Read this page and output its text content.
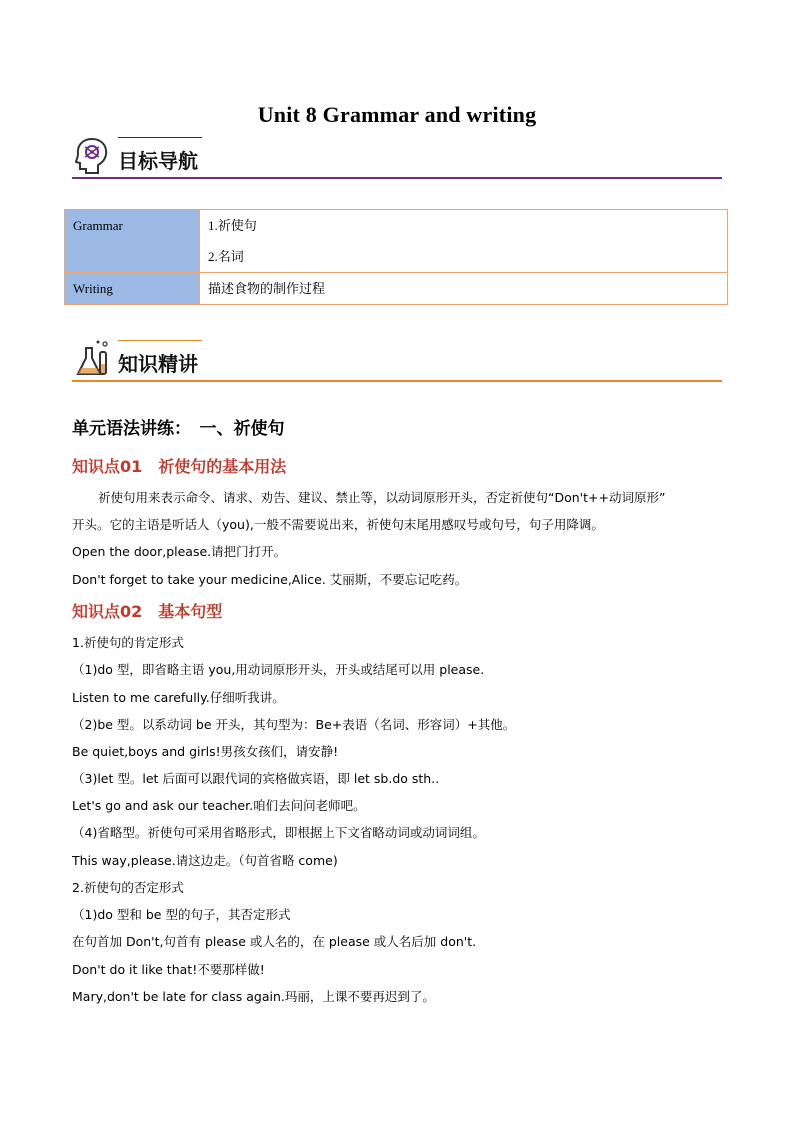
Unit 8 Grammar and writing
目标导航
Grammar	1.祈使句
2.名词

Writing	描述食物的制作过程
知识精讲
单元语法讲练：　一、祈使句
知识点01　祈使句的基本用法
祈使句用来表示命令、请求、劝告、建议、禁止等，以动词原形开头，否定祈使句“Don't++动词原形”
开头。它的主语是听话人（you),一般不需要说出来，祈使句末尾用感叹号或句号，句子用降调。
Open the door,please.请把门打开。
Don't forget to take your medicine,Alice. 艾丽斯，不要忘记吃药。
知识点02　基本句型
1.祈使句的肯定形式
（1)do 型，即省略主语 you,用动词原形开头，开头或结尾可以用 please.
Listen to me carefully.仔细听我讲。
（2)be 型。以系动词 be 开头，其句型为：Be+表语（名词、形容词）+其他。
Be quiet,boys and girls!男孩女孩们，请安静!
（3)let 型。let 后面可以跟代词的宾格做宾语，即 let sb.do sth..
Let's go and ask our teacher.咱们去问问老师吧。
（4)省略型。祈使句可采用省略形式，即根据上下文省略动词或动词词组。
This way,please.请这边走。（句首省略 come)
2.祈使句的否定形式
（1)do 型和 be 型的句子，其否定形式
在句首加 Don't,句首有 please 或人名的，在 please 或人名后加 don't.
Don't do it like that!不要那样做!
Mary,don't be late for class again.玛丽，上课不要再迟到了。
